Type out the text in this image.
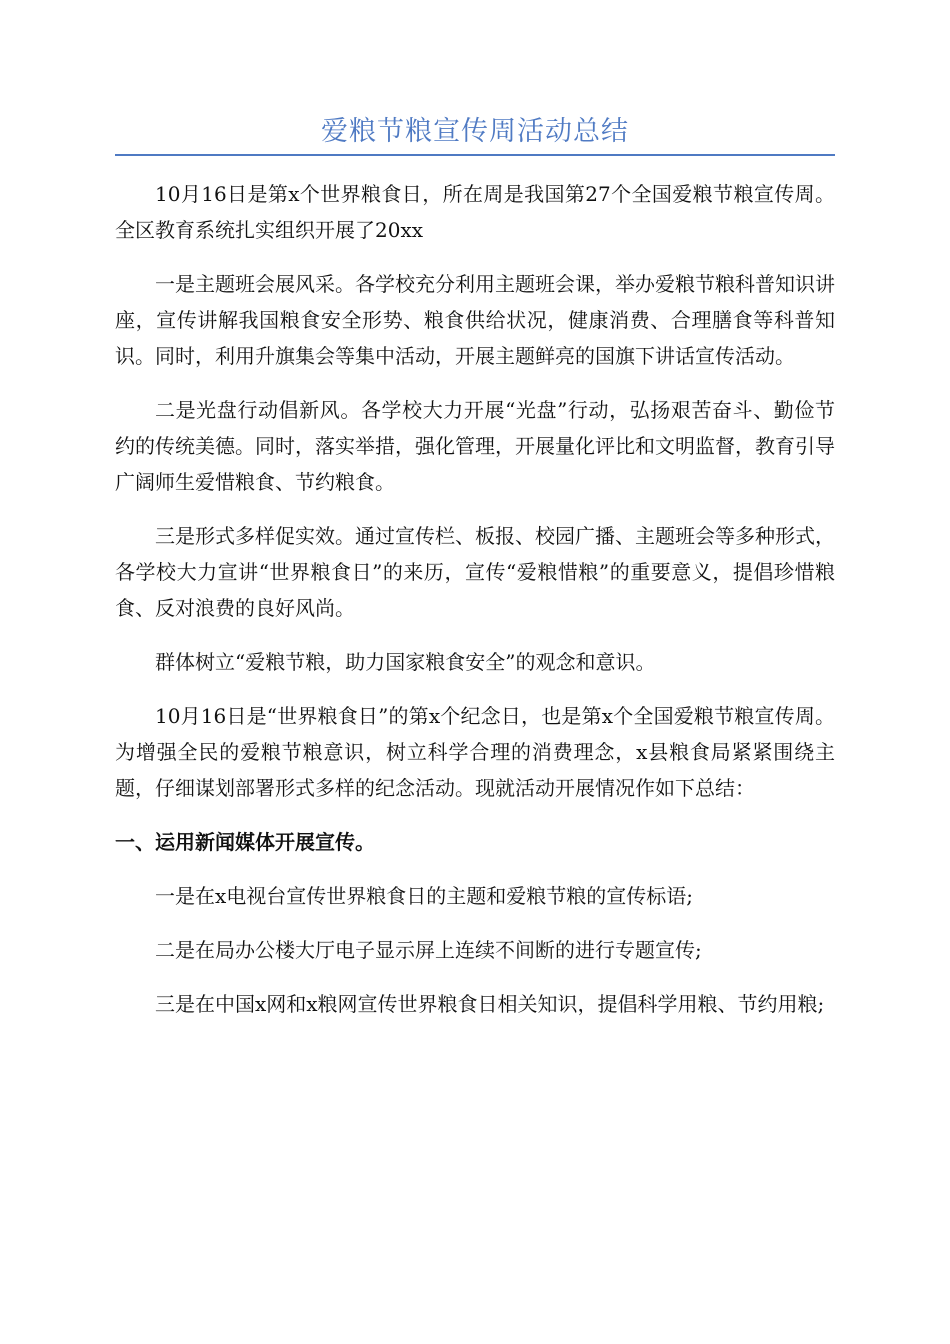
爱粮节粮宣传周活动总结

10月16日是第x个世界粮食日，所在周是我国第27个全国爱粮节粮宣传周。全区教育系统扎实组织开展了20xx

一是主题班会展风采。各学校充分利用主题班会课，举办爱粮节粮科普知识讲座，宣传讲解我国粮食安全形势、粮食供给状况，健康消费、合理膳食等科普知识。同时，利用升旗集会等集中活动，开展主题鲜亮的国旗下讲话宣传活动。

二是光盘行动倡新风。各学校大力开展“光盘”行动，弘扬艰苦奋斗、勤俭节约的传统美德。同时，落实举措，强化管理，开展量化评比和文明监督，教育引导广阔师生爱惜粮食、节约粮食。

三是形式多样促实效。通过宣传栏、板报、校园广播、主题班会等多种形式，各学校大力宣讲“世界粮食日”的来历，宣传“爱粮惜粮”的重要意义，提倡珍惜粮食、反对浪费的良好风尚。

群体树立“爱粮节粮，助力国家粮食安全”的观念和意识。

10月16日是“世界粮食日”的第x个纪念日，也是第x个全国爱粮节粮宣传周。为增强全民的爱粮节粮意识，树立科学合理的消费理念，x县粮食局紧紧围绕主题，仔细谋划部署形式多样的纪念活动。现就活动开展情况作如下总结：

一、运用新闻媒体开展宣传。

一是在x电视台宣传世界粮食日的主题和爱粮节粮的宣传标语;

二是在局办公楼大厅电子显示屏上连续不间断的进行专题宣传;

三是在中国x网和x粮网宣传世界粮食日相关知识，提倡科学用粮、节约用粮;
